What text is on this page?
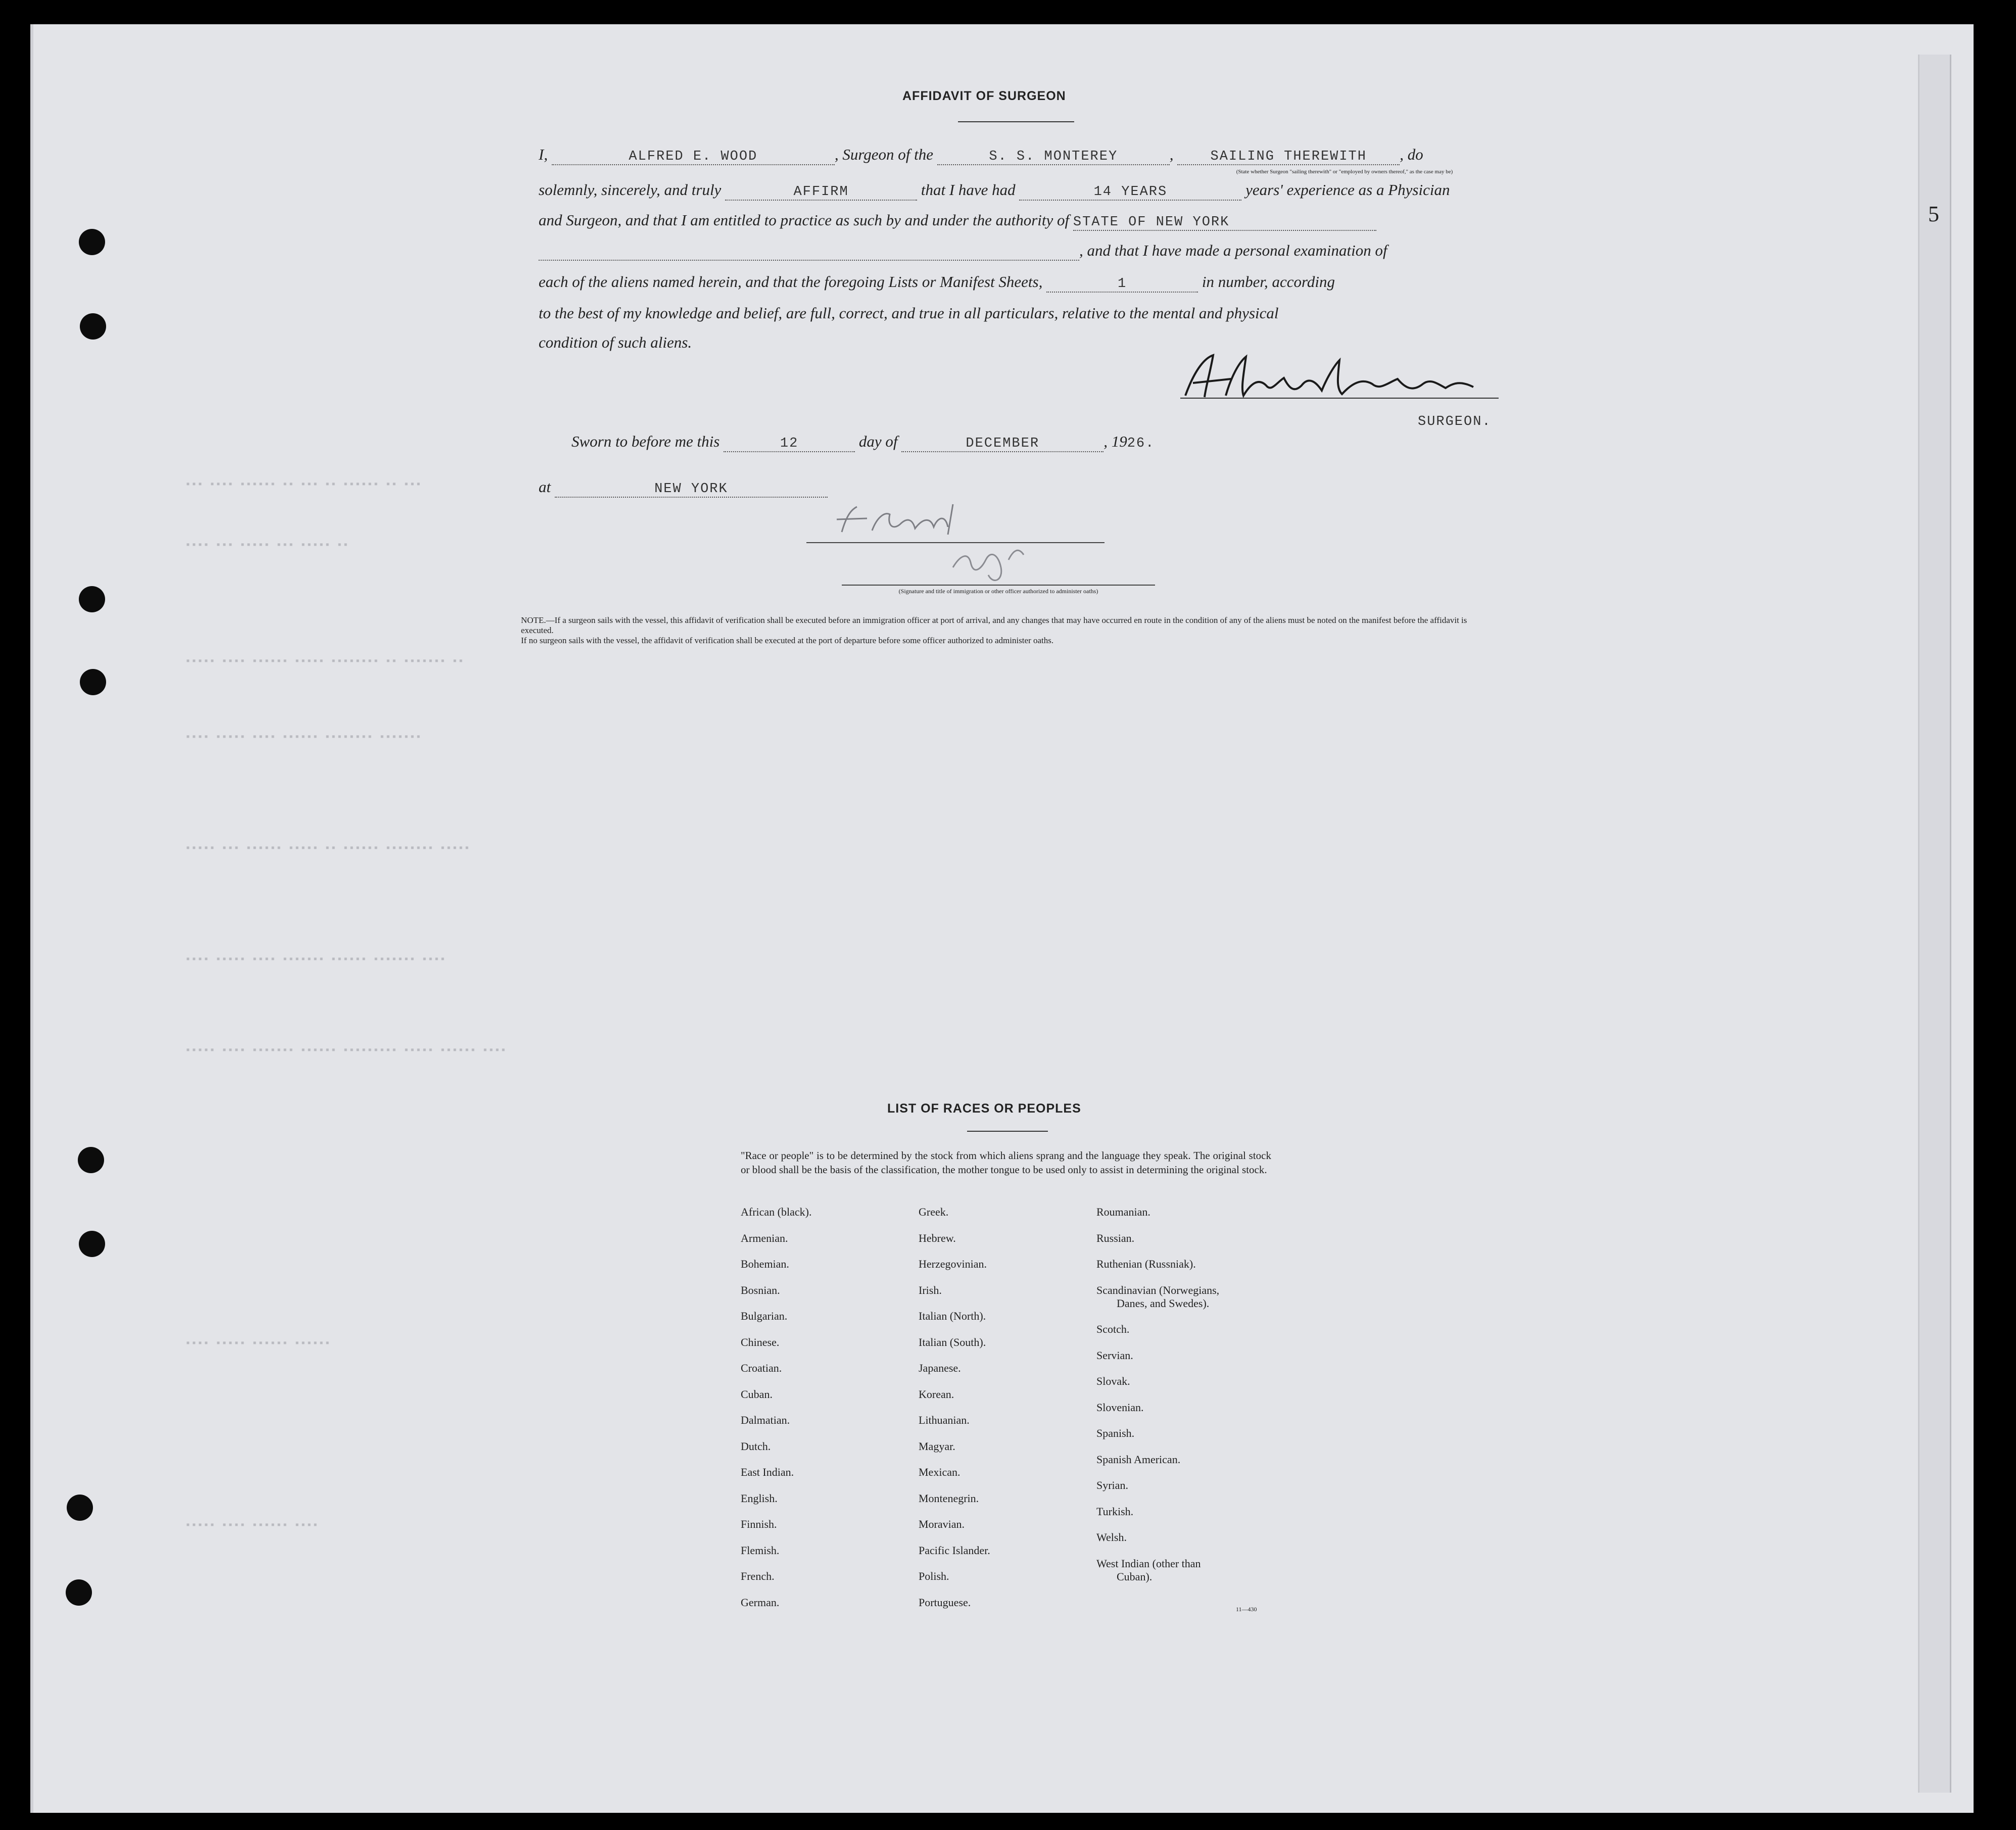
▪▪▪ ▪▪▪▪ ▪▪▪▪▪▪ ▪▪ ▪▪▪ ▪▪ ▪▪▪▪▪▪ ▪▪ ▪▪▪
▪▪▪▪ ▪▪▪ ▪▪▪▪▪ ▪▪▪ ▪▪▪▪▪ ▪▪
▪▪▪▪▪ ▪▪▪▪ ▪▪▪▪▪▪ ▪▪▪▪▪ ▪▪▪▪▪▪▪▪ ▪▪ ▪▪▪▪▪▪▪ ▪▪
▪▪▪▪ ▪▪▪▪▪ ▪▪▪▪ ▪▪▪▪▪▪ ▪▪▪▪▪▪▪▪ ▪▪▪▪▪▪▪
▪▪▪▪▪ ▪▪▪ ▪▪▪▪▪▪ ▪▪▪▪▪ ▪▪ ▪▪▪▪▪▪ ▪▪▪▪▪▪▪▪ ▪▪▪▪▪
▪▪▪▪ ▪▪▪▪▪ ▪▪▪▪ ▪▪▪▪▪▪▪ ▪▪▪▪▪▪ ▪▪▪▪▪▪▪ ▪▪▪▪
▪▪▪▪▪ ▪▪▪▪ ▪▪▪▪▪▪▪ ▪▪▪▪▪▪ ▪▪▪▪▪▪▪▪▪ ▪▪▪▪▪ ▪▪▪▪▪▪ ▪▪▪▪
▪▪▪▪ ▪▪▪▪▪ ▪▪▪▪▪▪ ▪▪▪▪▪▪
▪▪▪▪▪ ▪▪▪▪ ▪▪▪▪▪▪ ▪▪▪▪
5
AFFIDAVIT OF SURGEON
I,	ALFRED E. WOOD	, Surgeon of the	S. S. MONTEREY	, SAILING THEREWITH , do
(State whether Surgeon "sailing therewith" or "employed by owners thereof," as the case may be)
solemnly, sincerely, and truly	AFFIRM	that I have had	14 YEARS	years' experience as a Physician
and Surgeon, and that I am entitled to practice as such by and under the authority of STATE OF NEW YORK
, and that I have made a personal examination of
each of the aliens named herein, and that the foregoing Lists or Manifest Sheets,	1	in number, according
to the best of my knowledge and belief, are full, correct, and true in all particulars, relative to the mental and physical
condition of such aliens.
SURGEON.
Sworn to before me this	12	day of	DECEMBER	, 1926.
at	NEW YORK
(Signature and title of immigration or other officer authorized to administer oaths)
NOTE.—If a surgeon sails with the vessel, this affidavit of verification shall be executed before an immigration officer at port of arrival, and any changes that may have occurred en route in the condition of any of the aliens must be noted on the manifest before the affidavit is executed.
If no surgeon sails with the vessel, the affidavit of verification shall be executed at the port of departure before some officer authorized to administer oaths.
LIST OF RACES OR PEOPLES
"Race or people" is to be determined by the stock from which aliens sprang and the language they speak. The original stock or blood shall be the basis of the classification, the mother tongue to be used only to assist in determining the original stock.
African (black).
Armenian.
Bohemian.
Bosnian.
Bulgarian.
Chinese.
Croatian.
Cuban.
Dalmatian.
Dutch.
East Indian.
English.
Finnish.
Flemish.
French.
German.
Greek.
Hebrew.
Herzegovinian.
Irish.
Italian (North).
Italian (South).
Japanese.
Korean.
Lithuanian.
Magyar.
Mexican.
Montenegrin.
Moravian.
Pacific Islander.
Polish.
Portuguese.
Roumanian.
Russian.
Ruthenian (Russniak).
Scandinavian (Norwegians,
Danes, and Swedes).
Scotch.
Servian.
Slovak.
Slovenian.
Spanish.
Spanish American.
Syrian.
Turkish.
Welsh.
West Indian (other than
Cuban).
11—430
